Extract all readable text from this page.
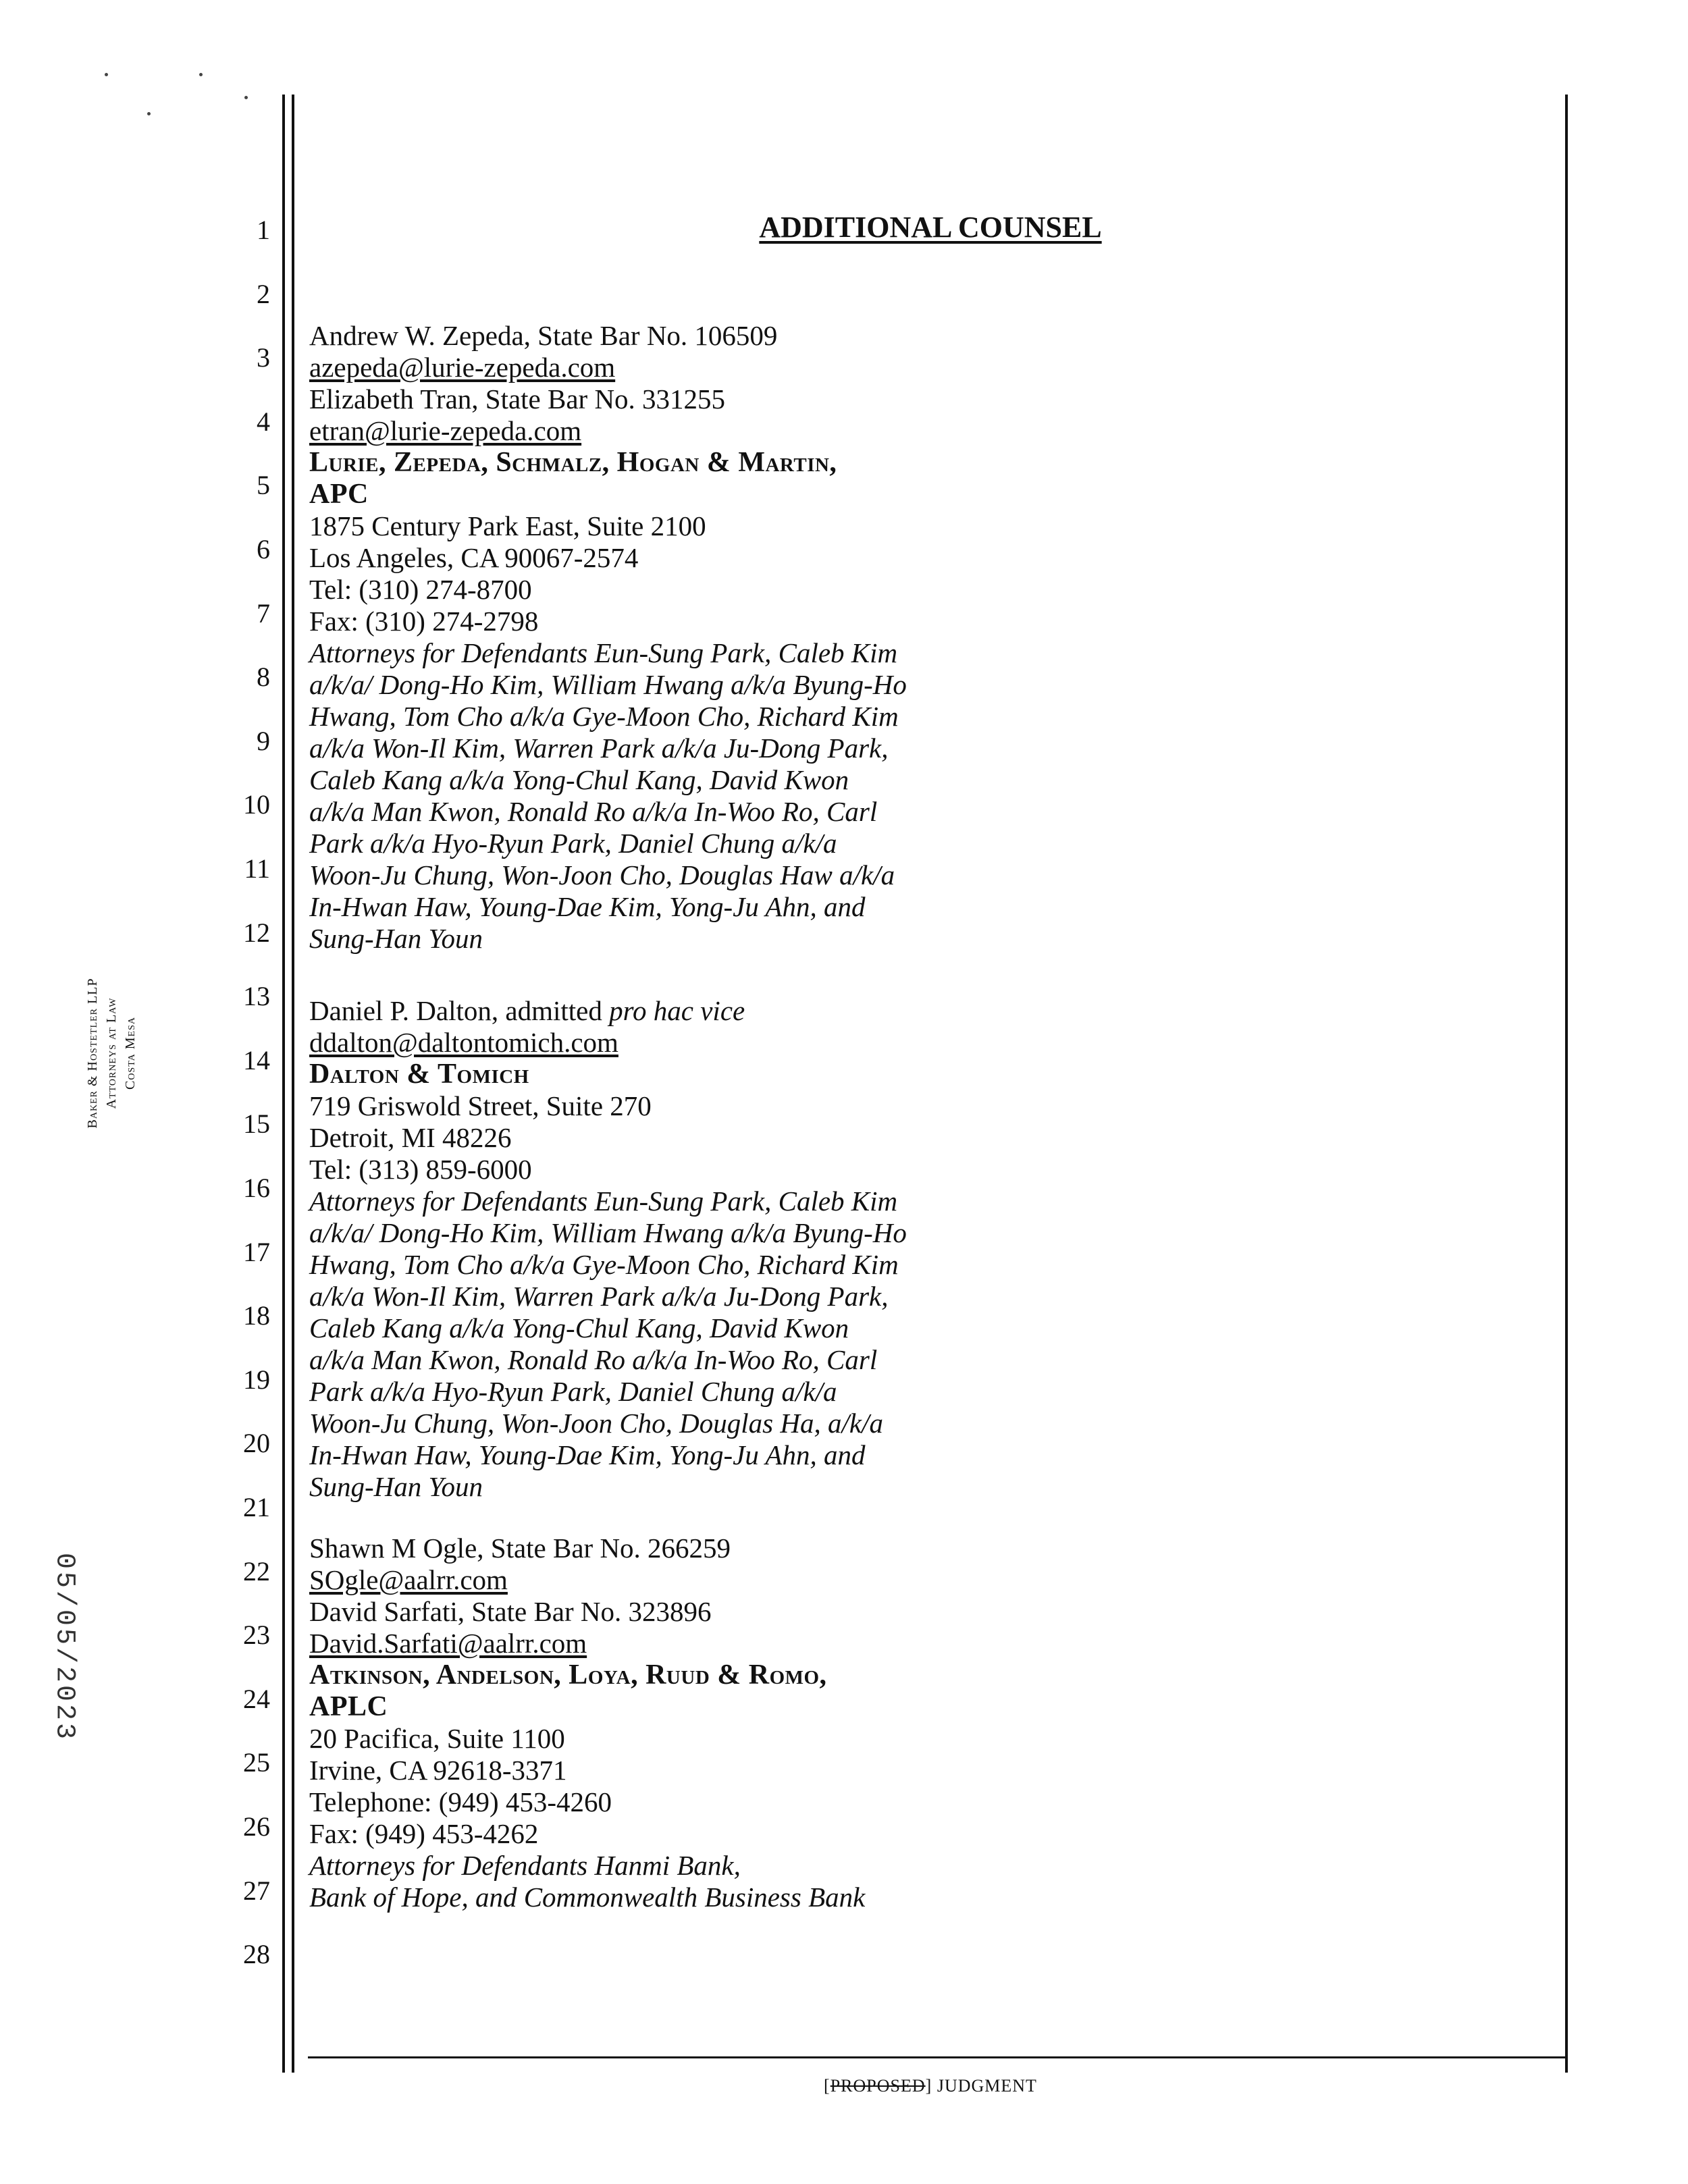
1
2
3
4
5
6
7
8
9
10
11
12
13
14
15
16
17
18
19
20
21
22
23
24
25
26
27
28
Baker & Hostetler LLP Attorneys at Law Costa Mesa
05/05/2023
ADDITIONAL COUNSEL
Andrew W. Zepeda, State Bar No. 106509
azepeda@lurie-zepeda.com
Elizabeth Tran, State Bar No. 331255
etran@lurie-zepeda.com
Lurie, Zepeda, Schmalz, Hogan & Martin,
APC
1875 Century Park East, Suite 2100
Los Angeles, CA 90067-2574
Tel: (310) 274-8700
Fax: (310) 274-2798
Attorneys for Defendants Eun-Sung Park, Caleb Kim
a/k/a/ Dong-Ho Kim, William Hwang a/k/a Byung-Ho
Hwang, Tom Cho a/k/a Gye-Moon Cho, Richard Kim
a/k/a Won-Il Kim, Warren Park a/k/a Ju-Dong Park,
Caleb Kang a/k/a Yong-Chul Kang, David Kwon
a/k/a Man Kwon, Ronald Ro a/k/a In-Woo Ro, Carl
Park a/k/a Hyo-Ryun Park, Daniel Chung a/k/a
Woon-Ju Chung, Won-Joon Cho, Douglas Haw a/k/a
In-Hwan Haw, Young-Dae Kim, Yong-Ju Ahn, and
Sung-Han Youn
Daniel P. Dalton, admitted pro hac vice
ddalton@daltontomich.com
Dalton & Tomich
719 Griswold Street, Suite 270
Detroit, MI 48226
Tel: (313) 859-6000
Attorneys for Defendants Eun-Sung Park, Caleb Kim
a/k/a/ Dong-Ho Kim, William Hwang a/k/a Byung-Ho
Hwang, Tom Cho a/k/a Gye-Moon Cho, Richard Kim
a/k/a Won-Il Kim, Warren Park a/k/a Ju-Dong Park,
Caleb Kang a/k/a Yong-Chul Kang, David Kwon
a/k/a Man Kwon, Ronald Ro a/k/a In-Woo Ro, Carl
Park a/k/a Hyo-Ryun Park, Daniel Chung a/k/a
Woon-Ju Chung, Won-Joon Cho, Douglas Ha, a/k/a
In-Hwan Haw, Young-Dae Kim, Yong-Ju Ahn, and
Sung-Han Youn
Shawn M Ogle, State Bar No. 266259
SOgle@aalrr.com
David Sarfati, State Bar No. 323896
David.Sarfati@aalrr.com
Atkinson, Andelson, Loya, Ruud & Romo,
APLC
20 Pacifica, Suite 1100
Irvine, CA 92618-3371
Telephone: (949) 453-4260
Fax: (949) 453-4262
Attorneys for Defendants Hanmi Bank,
Bank of Hope, and Commonwealth Business Bank
[PROPOSED] JUDGMENT
